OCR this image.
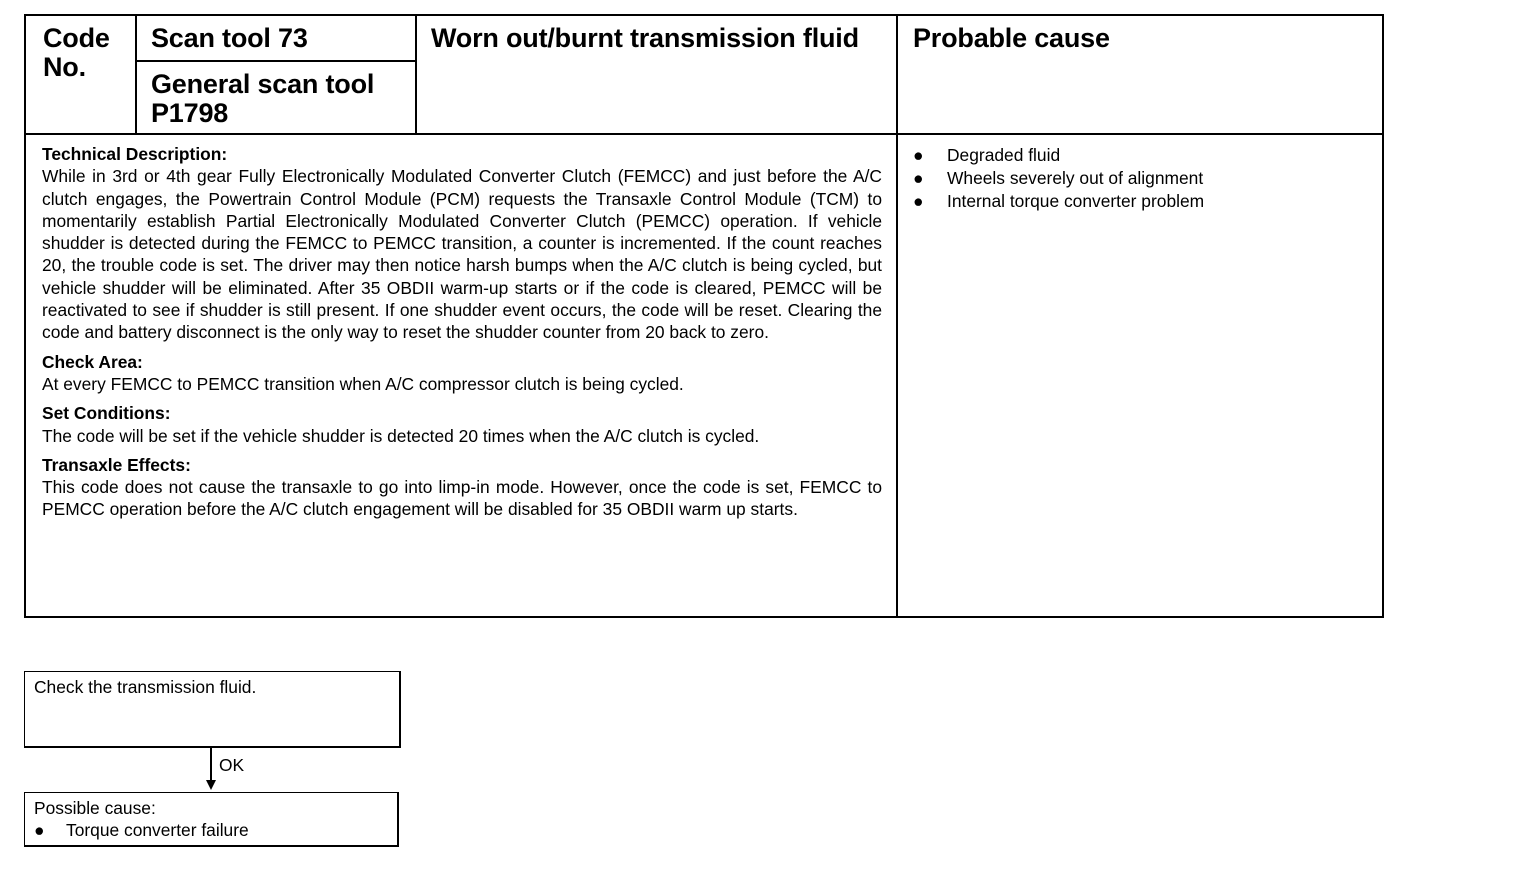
Code
No.
Scan tool 73
General scan tool
P1798
Worn out/burnt transmission fluid Probable cause
Technical Description:
While in 3rd or 4th gear Fully Electronically Modulated Converter Clutch (FEMCC) and just before the A/C clutch engages, the Powertrain Control Module (PCM) requests the Transaxle Control Module (TCM) to momentarily establish Partial Electronically Modulated Converter Clutch (PEMCC) operation. If vehicle shudder is detected during the FEMCC to PEMCC transition, a counter is incremented. If the count reaches 20, the trouble code is set. The driver may then notice harsh bumps when the A/C clutch is being cycled, but vehicle shudder will be eliminated. After 35 OBDII warm-up starts or if the code is cleared, PEMCC will be reactivated to see if shudder is still present. If one shudder event occurs, the code will be reset. Clearing the code and battery disconnect is the only way to reset the shudder counter from 20 back to zero.
Check Area:
At every FEMCC to PEMCC transition when A/C compressor clutch is being cycled.
Set Conditions:
The code will be set if the vehicle shudder is detected 20 times when the A/C clutch is cycled.
Transaxle Effects:
This code does not cause the transaxle to go into limp-in mode. However, once the code is set, FEMCC to PEMCC operation before the A/C clutch engagement will be disabled for 35 OBDII warm up starts.
● Degraded fluid
● Wheels severely out of alignment
● Internal torque converter problem
Check the transmission fluid.
OK
Possible cause:
● Torque converter failure
